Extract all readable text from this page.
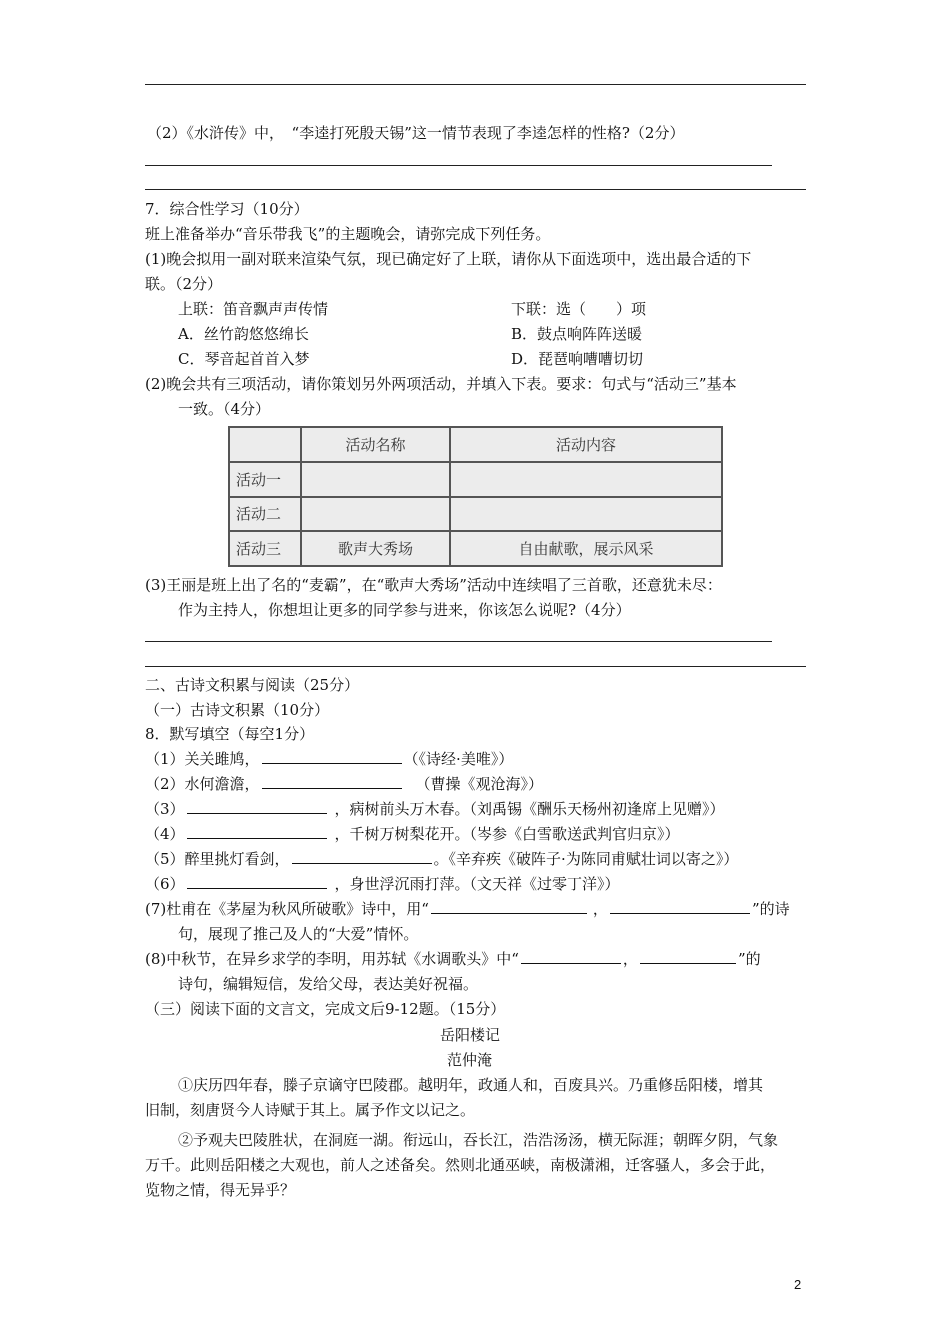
（2）《水浒传》中，　“李逵打死殷天锡”这一情节表现了李逵怎样的性格?（2分）
7．综合性学习（10分）
班上准备举办“音乐带我飞”的主题晚会，请弥完成下列任务。
(1)晚会拟用一副对联来渲染气氛，现已确定好了上联，请你从下面选项中，选出最合适的下
联。（2分）
上联：笛音飘声声传情	下联：选（　　）项
A．丝竹韵悠悠绵长	B．鼓点响阵阵送暖
C．琴音起首首入梦	D．琵琶响嘈嘈切切
(2)晚会共有三项活动，请你策划另外两项活动，并填入下表。要求：句式与“活动三”基本
一致。（4分）
	活动名称	活动内容
活动一		
活动二		
活动三	歌声大秀场	自由献歌，展示风采
(3)王丽是班上出了名的“麦霸”，在“歌声大秀场”活动中连续唱了三首歌，还意犹未尽：
作为主持人，你想坦让更多的同学参与进来，你该怎么说呢?（4分）
二、古诗文积累与阅读（25分）
（一）古诗文积累（10分）
8．默写填空（每空1分）
（1）关关雎鸠，	（《诗经·美唯》）
（2）水何澹澹，	（曹操《观沧海》）
（3）	，病树前头万木春。（刘禹锡《酬乐天杨州初逢席上见赠》）
（4）	，千树万树梨花开。（岑参《白雪歌送武判官归京》）
（5）醉里挑灯看剑，	。《辛弃疾《破阵子·为陈同甫赋壮词以寄之》）
（6）	，身世浮沉雨打萍。（文天祥《过零丁洋》）
(7)杜甫在《茅屋为秋风所破歌》诗中，用“	，	”的诗
句，展现了推己及人的“大爱”情怀。
(8)中秋节，在异乡求学的李明，用苏轼《水调歌头》中“	，	”的
诗句，编辑短信，发给父母，表达美好祝福。
（三）阅读下面的文言文，完成文后9-12题。（15分）
岳阳楼记
范仲淹
①庆历四年春，滕子京谪守巴陵郡。越明年，政通人和，百废具兴。乃重修岳阳楼，增其
旧制，刻唐贤今人诗赋于其上。属予作文以记之。
②予观夫巴陵胜状，在洞庭一湖。衔远山，吞长江，浩浩汤汤，横无际涯；朝晖夕阴，气象
万千。此则岳阳楼之大观也，前人之述备矣。然则北通巫峡，南极潇湘，迁客骚人，多会于此，
览物之情，得无异乎？
2
